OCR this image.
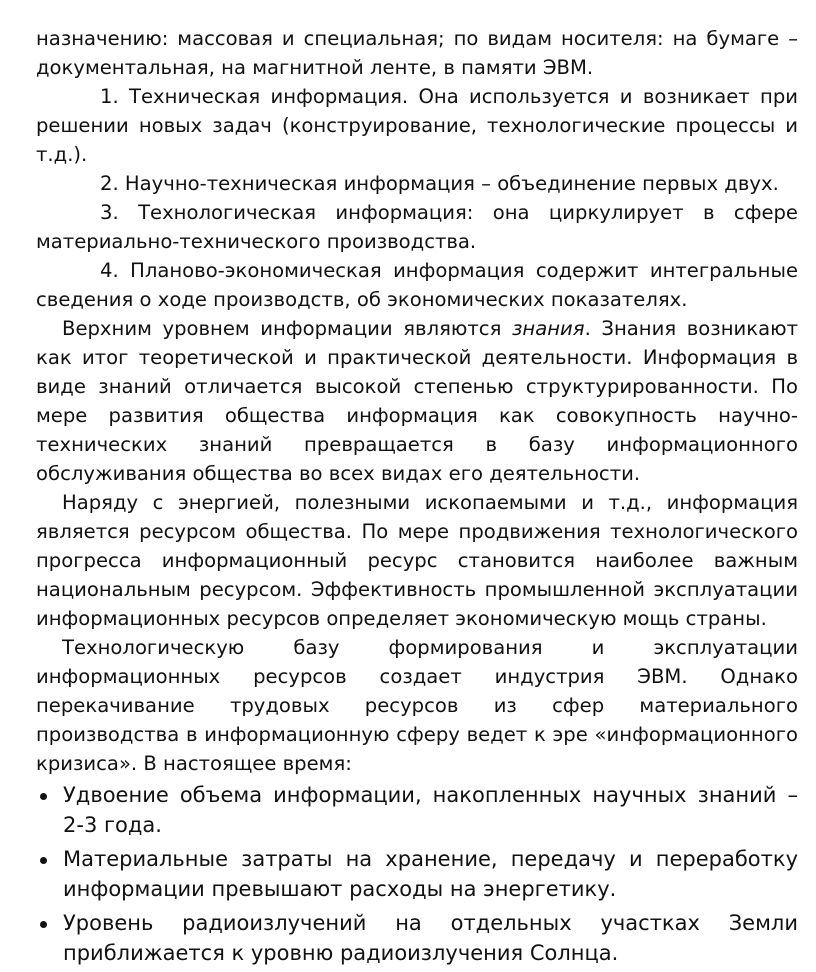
назначению: массовая и специальная; по видам носителя: на бумаге – документальная, на магнитной ленте, в памяти ЭВМ.

1. Техническая информация. Она используется и возникает при решении новых задач (конструирование, технологические процессы и т.д.).

2. Научно-техническая информация – объединение первых двух.

3. Технологическая информация: она циркулирует в сфере материально-технического производства.

4. Планово-экономическая информация содержит интегральные сведения о ходе производств, об экономических показателях.

Верхним уровнем информации являются знания. Знания возникают как итог теоретической и практической деятельности. Информация в виде знаний отличается высокой степенью структурированности. По мере развития общества информация как совокупность научно-технических знаний превращается в базу информационного обслуживания общества во всех видах его деятельности.

Наряду с энергией, полезными ископаемыми и т.д., информация является ресурсом общества. По мере продвижения технологического прогресса информационный ресурс становится наиболее важным национальным ресурсом. Эффективность промышленной эксплуатации информационных ресурсов определяет экономическую мощь страны.

Технологическую базу формирования и эксплуатации информационных ресурсов создает индустрия ЭВМ. Однако перекачивание трудовых ресурсов из сфер материального производства в информационную сферу ведет к эре «информационного кризиса». В настоящее время:

Удвоение объема информации, накопленных научных знаний – 2-3 года.
Материальные затраты на хранение, передачу и переработку информации превышают расходы на энергетику.
Уровень радиоизлучений на отдельных участках Земли приближается к уровню радиоизлучения Солнца.
